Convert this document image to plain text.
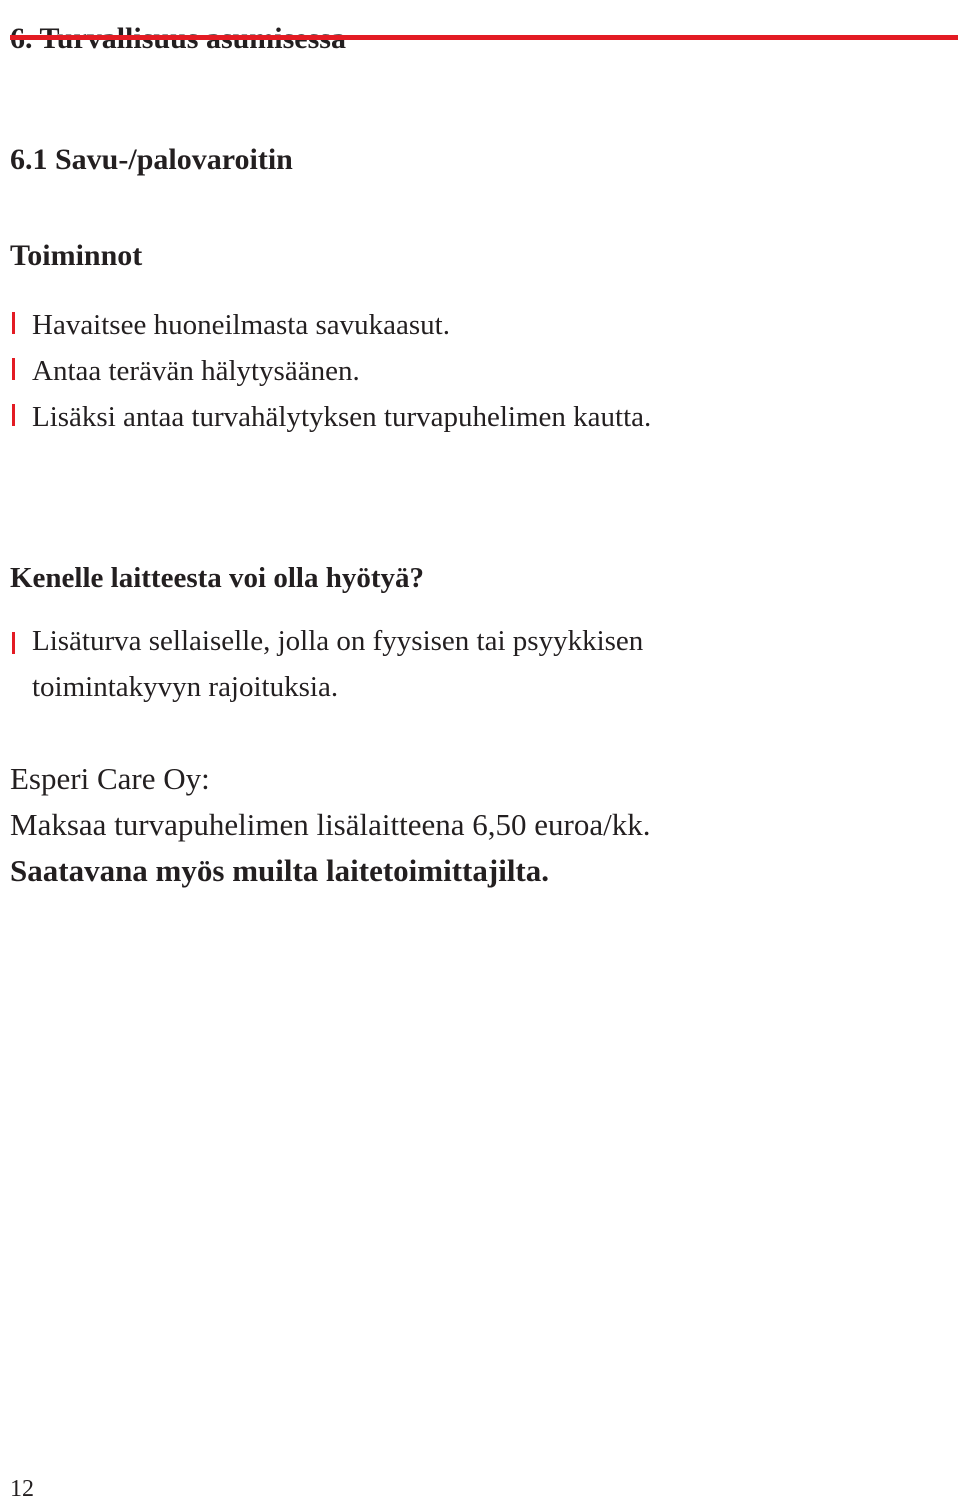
6.1 Savu-/palovaroitin
Toiminnot
Havaitsee huoneilmasta savukaasut.
Antaa terävän hälytysäänen.
Lisäksi antaa turvahälytyksen turvapuhelimen kautta.
Kenelle laitteesta voi olla hyötyä?
Lisäturva sellaiselle, jolla on fyysisen tai psyykkisen
toimintakyvyn rajoituksia.
Esperi Care Oy:
Maksaa turvapuhelimen lisälaitteena 6,50 euroa/kk.
Saatavana myös muilta laitetoimittajilta.
12
